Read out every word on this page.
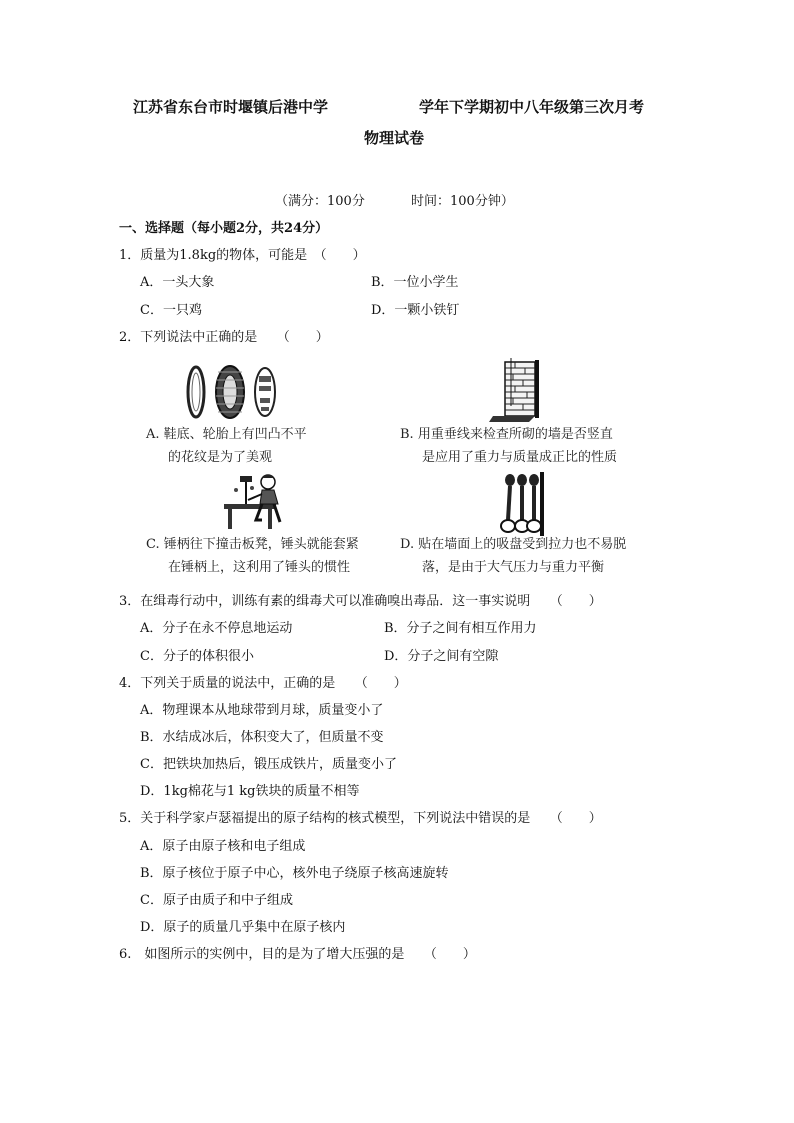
江苏省东台市时堰镇后港中学	学年下学期初中八年级第三次月考
物理试卷
（满分：100分	时间：100分钟）
一、选择题（每小题2分，共24分）
1．质量为1.8kg的物体，可能是　（　　）
A．一头大象	B．一位小学生
C．一只鸡	D．一颗小铁钉
2．下列说法中正确的是　　（　　）
A. 鞋底、轮胎上有凹凸不平
的花纹是为了美观
B. 用重垂线来检查所砌的墙是否竖直
是应用了重力与质量成正比的性质
C. 锤柄往下撞击板凳，锤头就能套紧
在锤柄上，这利用了锤头的惯性
D. 贴在墙面上的吸盘受到拉力也不易脱
落，是由于大气压力与重力平衡
3．在缉毒行动中，训练有素的缉毒犬可以准确嗅出毒品．这一事实说明　　（　　）
A．分子在永不停息地运动	B．分子之间有相互作用力
C．分子的体积很小	D．分子之间有空隙
4．下列关于质量的说法中，正确的是　　（　　）
A．物理课本从地球带到月球，质量变小了
B．水结成冰后，体积变大了，但质量不变
C．把铁块加热后，锻压成铁片，质量变小了
D．1kg棉花与1 kg铁块的质量不相等
5．关于科学家卢瑟福提出的原子结构的核式模型，下列说法中错误的是　　（　　）
A．原子由原子核和电子组成
B．原子核位于原子中心，核外电子绕原子核高速旋转
C．原子由质子和中子组成
D．原子的质量几乎集中在原子核内
6.　如图所示的实例中，目的是为了增大压强的是　　（　　）
